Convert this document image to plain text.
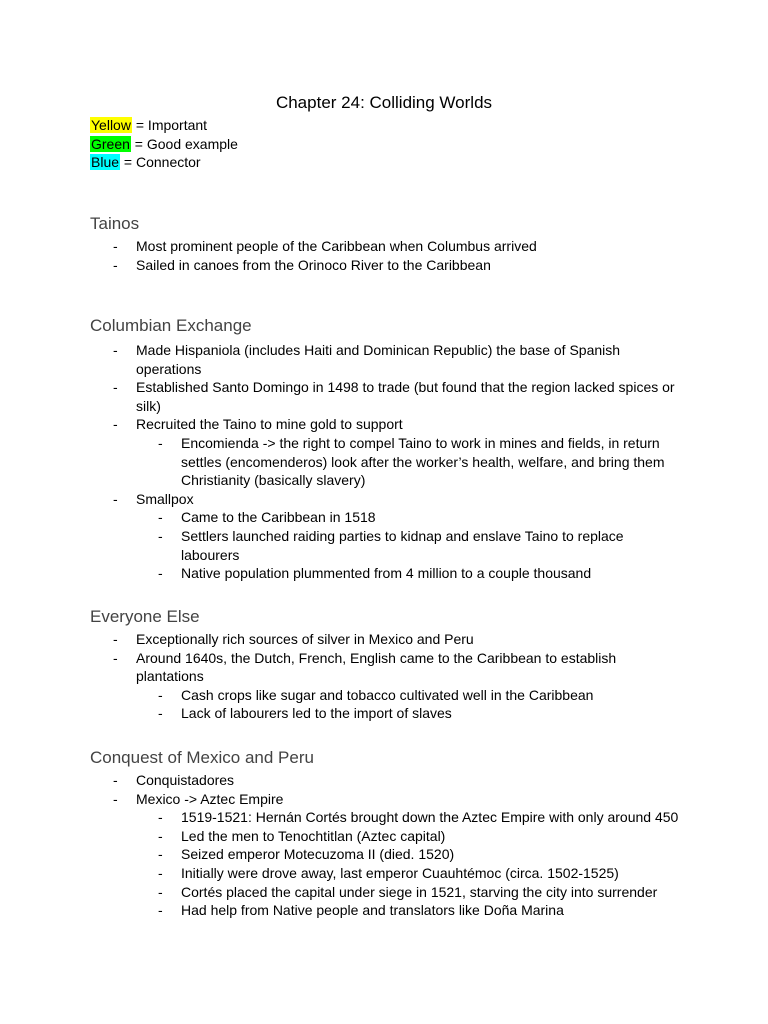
Chapter 24: Colliding Worlds
Yellow = Important
Green = Good example
Blue = Connector
Tainos
- Most prominent people of the Caribbean when Columbus arrived
- Sailed in canoes from the Orinoco River to the Caribbean
Columbian Exchange
- Made Hispaniola (includes Haiti and Dominican Republic) the base of Spanish operations
- Established Santo Domingo in 1498 to trade (but found that the region lacked spices or silk)
- Recruited the Taino to mine gold to support
- Encomienda -> the right to compel Taino to work in mines and fields, in return settles (encomenderos) look after the worker’s health, welfare, and bring them Christianity (basically slavery)
- Smallpox
- Came to the Caribbean in 1518
- Settlers launched raiding parties to kidnap and enslave Taino to replace labourers
- Native population plummented from 4 million to a couple thousand
Everyone Else
- Exceptionally rich sources of silver in Mexico and Peru
- Around 1640s, the Dutch, French, English came to the Caribbean to establish plantations
- Cash crops like sugar and tobacco cultivated well in the Caribbean
- Lack of labourers led to the import of slaves
Conquest of Mexico and Peru
- Conquistadores
- Mexico -> Aztec Empire
- 1519-1521: Hernán Cortés brought down the Aztec Empire with only around 450
- Led the men to Tenochtitlan (Aztec capital)
- Seized emperor Motecuzoma II (died. 1520)
- Initially were drove away, last emperor Cuauhtémoc (circa. 1502-1525)
- Cortés placed the capital under siege in 1521, starving the city into surrender
- Had help from Native people and translators like Doña Marina
